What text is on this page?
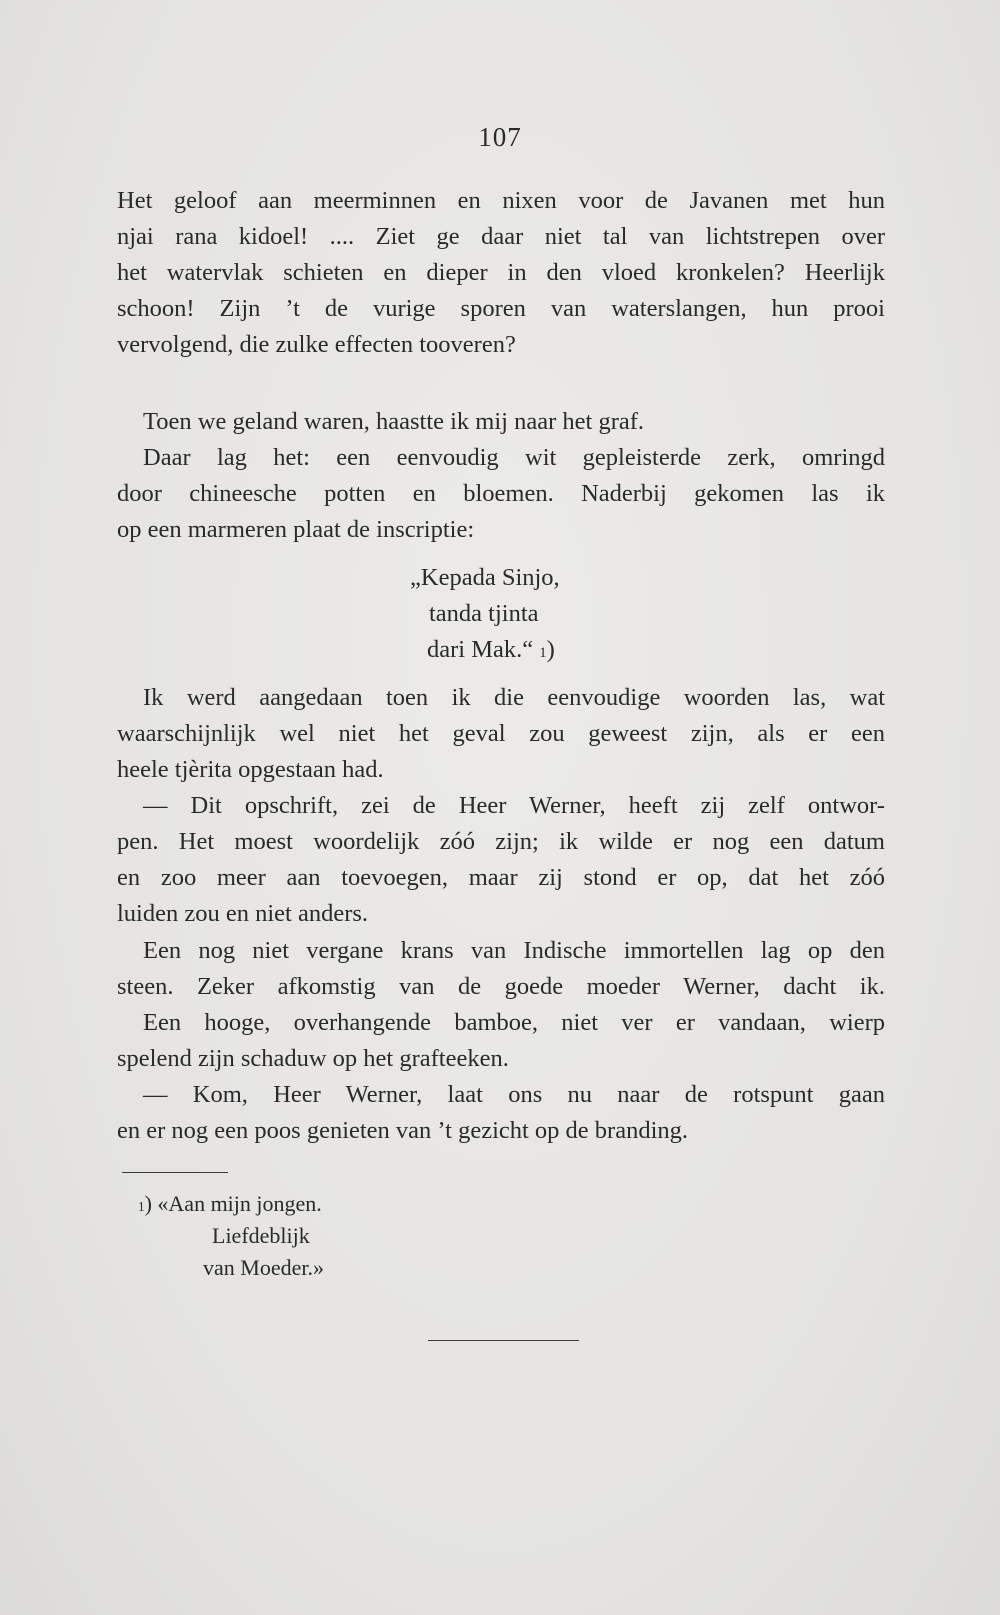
107
Het geloof aan meerminnen en nixen voor de Javanen met hun
njai rana kidoel! .... Ziet ge daar niet tal van lichtstrepen over
het watervlak schieten en dieper in den vloed kronkelen? Heerlijk
schoon! Zijn ’t de vurige sporen van waterslangen, hun prooi
vervolgend, die zulke effecten tooveren?
Toen we geland waren, haastte ik mij naar het graf.
Daar lag het: een eenvoudig wit gepleisterde zerk, omringd
door chineesche potten en bloemen. Naderbij gekomen las ik
op een marmeren plaat de inscriptie:
„Kepada Sinjo,
tanda tjinta
dari Mak.“ $^1$)
Ik werd aangedaan toen ik die eenvoudige woorden las, wat
waarschijnlijk wel niet het geval zou geweest zijn, als er een
heele tjèrita opgestaan had.
— Dit opschrift, zei de Heer Werner, heeft zij zelf ontwor-
pen. Het moest woordelijk zóó zijn; ik wilde er nog een datum
en zoo meer aan toevoegen, maar zij stond er op, dat het zóó
luiden zou en niet anders.
Een nog niet vergane krans van Indische immortellen lag op den
steen. Zeker afkomstig van de goede moeder Werner, dacht ik.
Een hooge, overhangende bamboe, niet ver er vandaan, wierp
spelend zijn schaduw op het grafteeken.
— Kom, Heer Werner, laat ons nu naar de rotspunt gaan
en er nog een poos genieten van ’t gezicht op de branding.
$^1$) «Aan mijn jongen.
Liefdeblijk
van Moeder.»
